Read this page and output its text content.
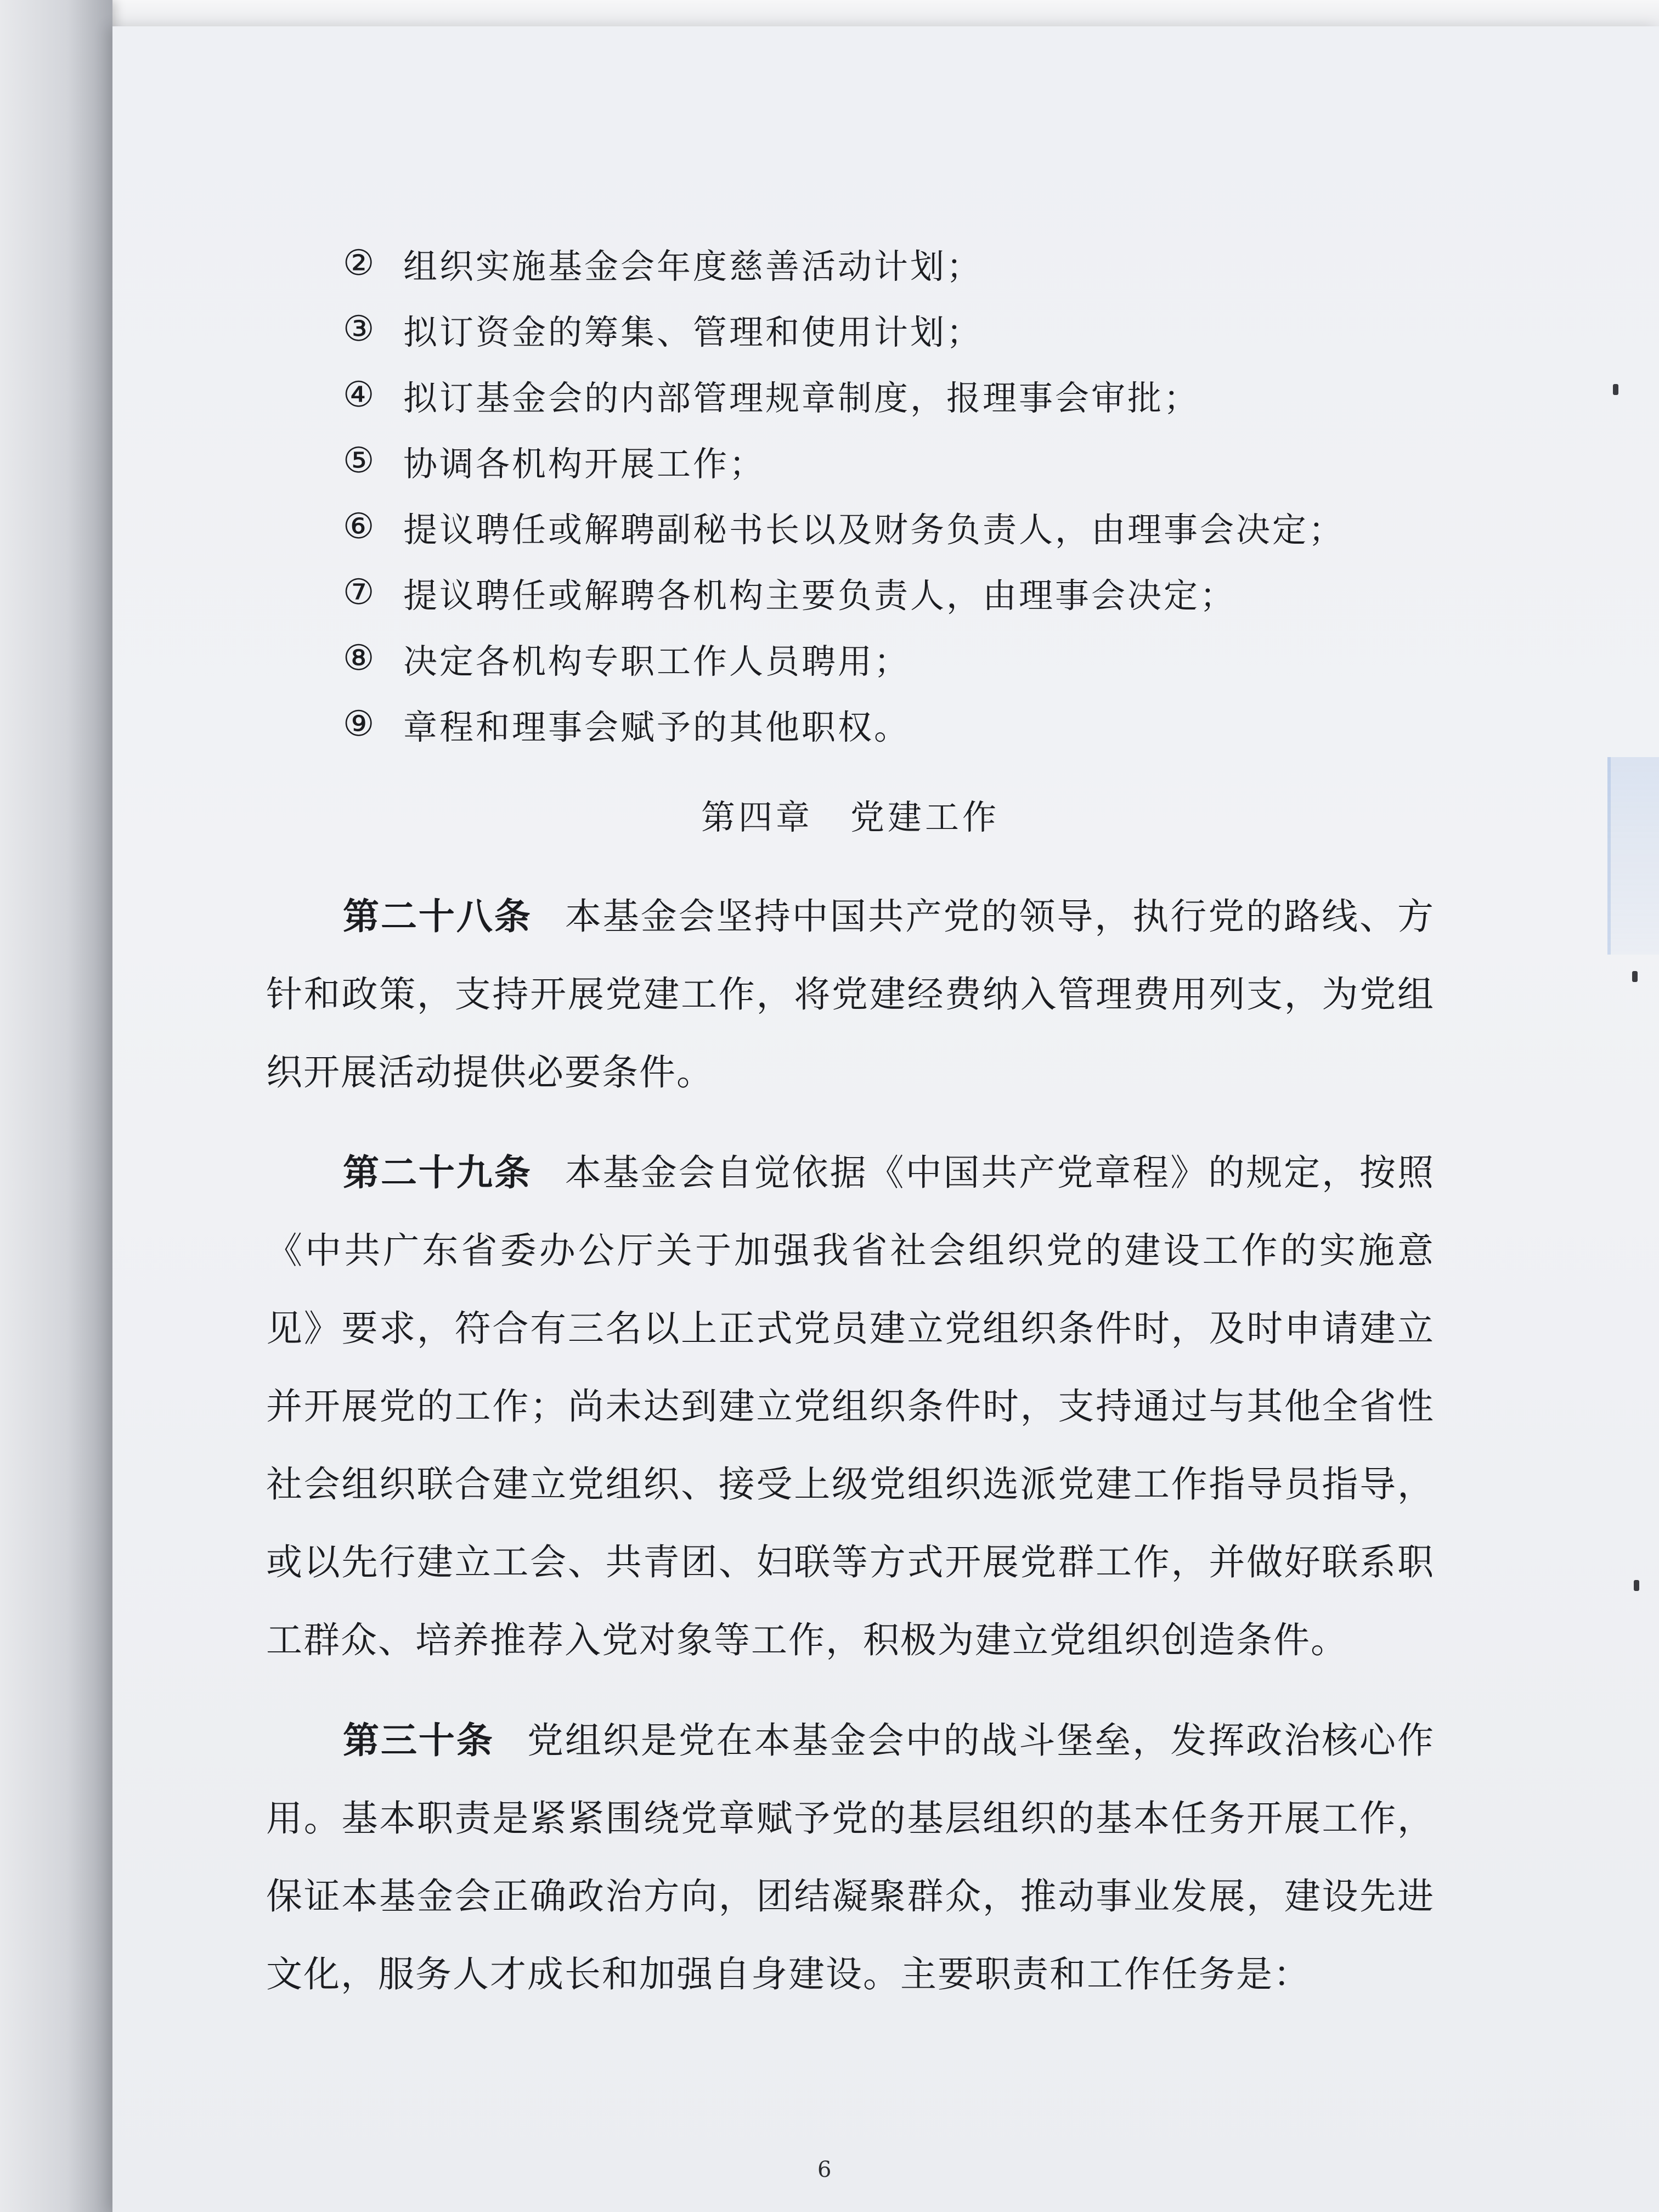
② 组织实施基金会年度慈善活动计划；
③ 拟订资金的筹集、管理和使用计划；
④ 拟订基金会的内部管理规章制度，报理事会审批；
⑤ 协调各机构开展工作；
⑥ 提议聘任或解聘副秘书长以及财务负责人，由理事会决定；
⑦ 提议聘任或解聘各机构主要负责人，由理事会决定；
⑧ 决定各机构专职工作人员聘用；
⑨ 章程和理事会赋予的其他职权。
第四章　党建工作
第二十八条 本基金会坚持中国共产党的领导，执行党的路线、方针和政策，支持开展党建工作，将党建经费纳入管理费用列支，为党组织开展活动提供必要条件。
第二十九条 本基金会自觉依据《中国共产党章程》的规定，按照《中共广东省委办公厅关于加强我省社会组织党的建设工作的实施意见》要求，符合有三名以上正式党员建立党组织条件时，及时申请建立并开展党的工作；尚未达到建立党组织条件时，支持通过与其他全省性社会组织联合建立党组织、接受上级党组织选派党建工作指导员指导，或以先行建立工会、共青团、妇联等方式开展党群工作，并做好联系职工群众、培养推荐入党对象等工作，积极为建立党组织创造条件。
第三十条 党组织是党在本基金会中的战斗堡垒，发挥政治核心作用。基本职责是紧紧围绕党章赋予党的基层组织的基本任务开展工作，保证本基金会正确政治方向，团结凝聚群众，推动事业发展，建设先进文化，服务人才成长和加强自身建设。主要职责和工作任务是：
6
